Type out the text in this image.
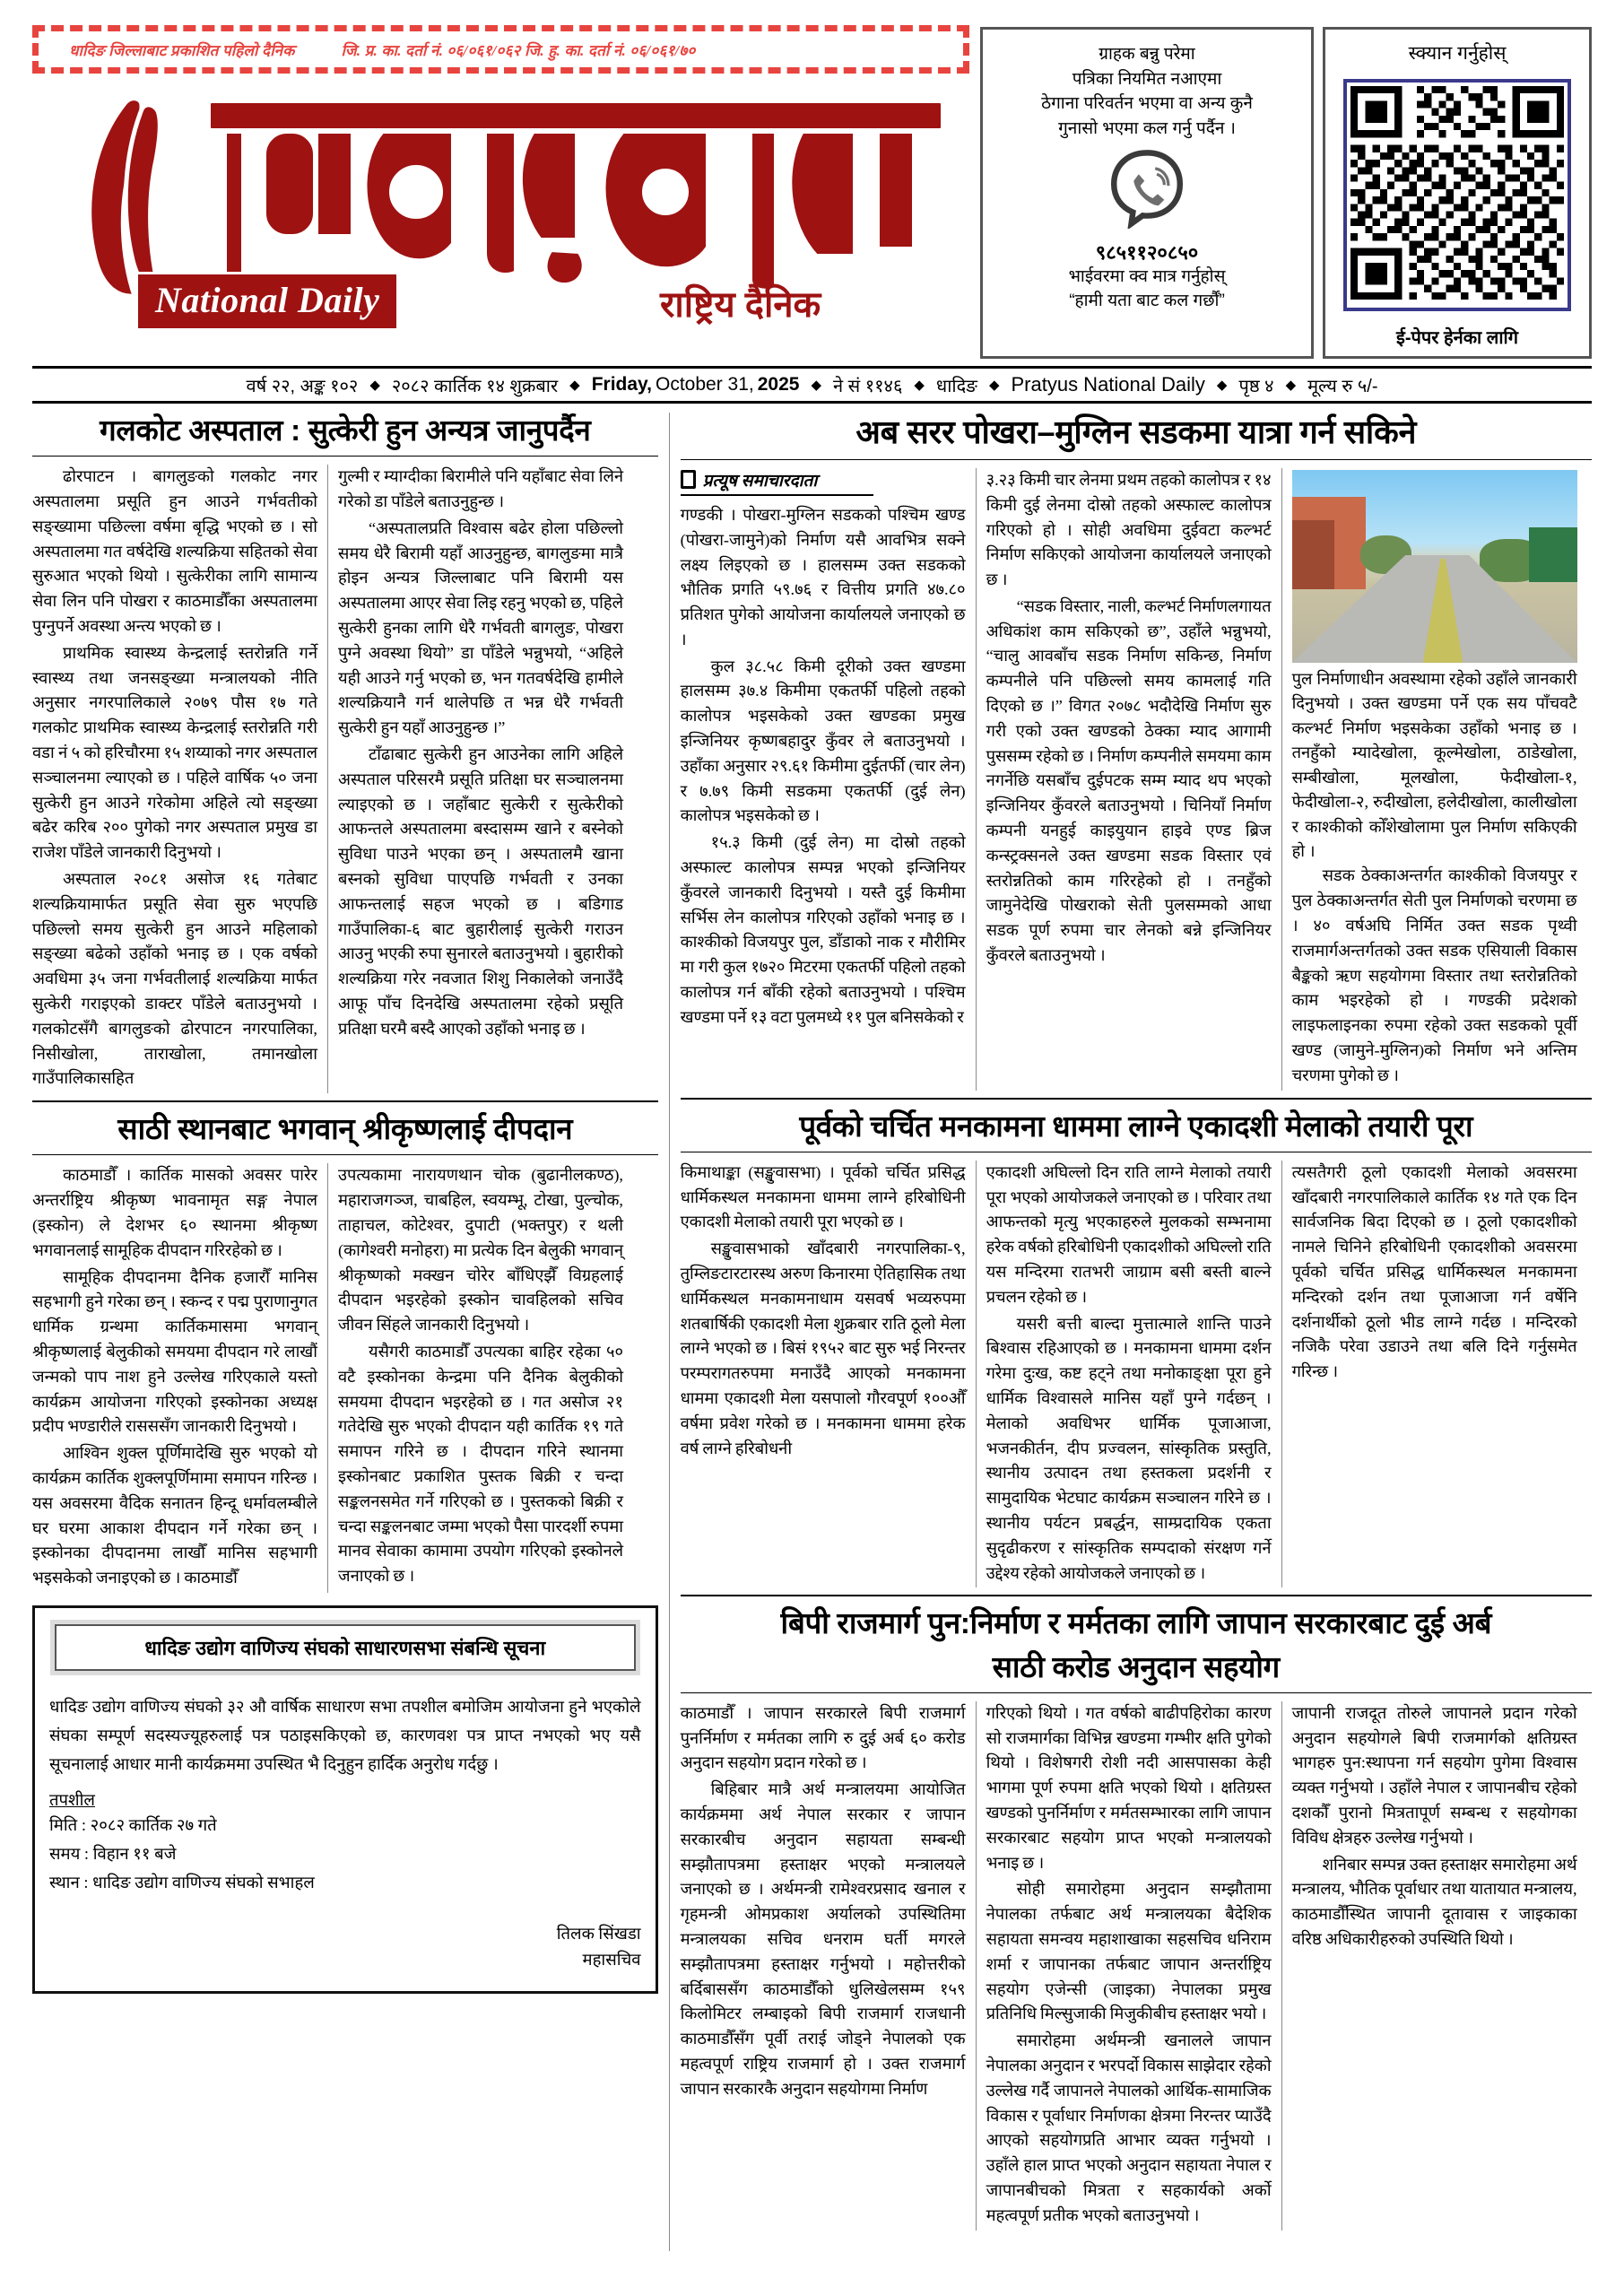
धादिङ जिल्लाबाट प्रकाशित पहिलो दैनिक	जि. प्र. का. दर्ता नं. ०६/०६१/०६२ जि. हु. का. दर्ता नं. ०६/०६१/७०
National Daily	राष्ट्रिय दैनिक
ग्राहक बन्नु परेमा
पत्रिका नियमित नआएमा
ठेगाना परिवर्तन भएमा वा अन्य कुनै
गुनासो भएमा कल गर्नु पर्दैन ।
९८५११२०८५०
भाईवरमा क्व मात्र गर्नुहोस्
“हामी यता बाट कल गर्छौं”
स्क्यान गर्नुहोस्
ई-पेपर हेर्नका लागि
वर्ष २२, अङ्क १०२ ◆ २०८२ कार्तिक १४ शुक्रबार ◆ Friday,
October 31,
2025 ◆ ने सं ११४६ ◆ धादिङ ◆ Pratyus National Daily ◆ पृष्ठ ४ ◆ मूल्य रु ५/-
गलकोट अस्पताल : सुत्केरी हुन अन्यत्र जानुपर्दैन

ढोरपाटन । बागलुङको गलकोट नगर अस्पतालमा प्रसूति हुन आउने गर्भवतीको सङ्ख्यामा पछिल्ला वर्षमा बृद्धि भएको छ । सो अस्पतालमा गत वर्षदेखि शल्यक्रिया सहितको सेवा सुरुआत भएको थियो । सुत्केरीका लागि सामान्य सेवा लिन पनि पोखरा र काठमाडौँका अस्पतालमा पुग्नुपर्ने अवस्था अन्त्य भएको छ ।

प्राथमिक स्वास्थ्य केन्द्रलाई स्तरोन्नति गर्ने स्वास्थ्य तथा जनसङ्ख्या मन्त्रालयको नीति अनुसार नगरपालिकाले २०७९ पौस १७ गते गलकोट प्राथमिक स्वास्थ्य केन्द्रलाई स्तरोन्नति गरी वडा नं ५ को हरिचौरमा १५ शय्याको नगर अस्पताल सञ्चालनमा ल्याएको छ । पहिले वार्षिक ५० जना सुत्केरी हुन आउने गरेकोमा अहिले त्यो सङ्ख्या बढेर करिब २०० पुगेको नगर अस्पताल प्रमुख डा राजेश पाँडेले जानकारी दिनुभयो ।

अस्पताल २०८१ असोज १६ गतेबाट शल्यक्रियामार्फत प्रसूति सेवा सुरु भएपछि पछिल्लो समय सुत्केरी हुन आउने महिलाको सङ्ख्या बढेको उहाँको भनाइ छ । एक वर्षको अवधिमा ३५ जना गर्भवतीलाई शल्यक्रिया मार्फत सुत्केरी गराइएको डाक्टर पाँडेले बताउनुभयो । गलकोटसँगै बागलुङको ढोरपाटन नगरपालिका, निसीखोला, ताराखोला, तमानखोला गाउँपालिकासहित

गुल्मी र म्याग्दीका बिरामीले पनि यहाँबाट सेवा लिने गरेको डा पाँडेले बताउनुहुन्छ ।

“अस्पतालप्रति विश्वास बढेर होला पछिल्लो समय धेरै बिरामी यहाँ आउनुहुन्छ, बागलुङमा मात्रै होइन अन्यत्र जिल्लाबाट पनि बिरामी यस अस्पतालमा आएर सेवा लिइ रहनु भएको छ, पहिले सुत्केरी हुनका लागि धेरै गर्भवती बागलुङ, पोखरा पुग्ने अवस्था थियो” डा पाँडेले भन्नुभयो, “अहिले यही आउने गर्नु भएको छ, भन गतवर्षदेखि हामीले शल्यक्रियानै गर्न थालेपछि त भन्न धेरै गर्भवती सुत्केरी हुन यहाँ आउनुहुन्छ ।”

टाँढाबाट सुत्केरी हुन आउनेका लागि अहिले अस्पताल परिसरमै प्रसूति प्रतिक्षा घर सञ्चालनमा ल्याइएको छ । जहाँबाट सुत्केरी र सुत्केरीको आफन्तले अस्पतालमा बस्दासम्म खाने र बस्नेको सुविधा पाउने भएका छन् । अस्पतालमै खाना बस्नको सुविधा पाएपछि गर्भवती र उनका आफन्तलाई सहज भएको छ । बडिगाड गाउँपालिका-६ बाट बुहारीलाई सुत्केरी गराउन आउनु भएकी रुपा सुनारले बताउनुभयो । बुहारीको शल्यक्रिया गरेर नवजात शिशु निकालेको जनाउँदै आफू पाँच दिनदेखि अस्पतालमा रहेको प्रसूति प्रतिक्षा घरमै बस्दै आएको उहाँको भनाइ छ ।

साठी स्थानबाट भगवान् श्रीकृष्णलाई दीपदान

काठमाडौँ । कार्तिक मासको अवसर पारेर अन्तर्राष्ट्रिय श्रीकृष्ण भावनामृत सङ्ग नेपाल (इस्कोन) ले देशभर ६० स्थानमा श्रीकृष्ण भगवानलाई सामूहिक दीपदान गरिरहेको छ ।

सामूहिक दीपदानमा दैनिक हजारौँ मानिस सहभागी हुने गरेका छन् । स्कन्द र पद्म पुराणानुगत धार्मिक ग्रन्थमा कार्तिकमासमा भगवान् श्रीकृष्णलाई बेलुकीको समयमा दीपदान गरे लाखौं जन्मको पाप नाश हुने उल्लेख गरिएकाले यस्तो कार्यक्रम आयोजना गरिएको इस्कोनका अध्यक्ष प्रदीप भण्डारीले रासससँग जानकारी दिनुभयो ।

आश्विन शुक्ल पूर्णिमादेखि सुरु भएको यो कार्यक्रम कार्तिक शुक्लपूर्णिमामा समापन गरिन्छ । यस अवसरमा वैदिक सनातन हिन्दू धर्मावलम्बीले घर घरमा आकाश दीपदान गर्ने गरेका छन् । इस्कोनका दीपदानमा लाखौँ मानिस सहभागी भइसकेको जनाइएको छ । काठमाडौँ

उपत्यकामा नारायणथान चोक (बुढानीलकण्ठ), महाराजगञ्ज, चाबहिल, स्वयम्भू, टोखा, पुल्चोक, ताहाचल, कोटेश्वर, दुपाटी (भक्तपुर) र थली (कागेश्वरी मनोहरा) मा प्रत्येक दिन बेलुकी भगवान् श्रीकृष्णको मक्खन चोरेर बाँधिएझैँ विग्रहलाई दीपदान भइरहेको इस्कोन चावहिलको सचिव जीवन सिंहले जानकारी दिनुभयो ।

यसैगरी काठमाडौँ उपत्यका बाहिर रहेका ५० वटै इस्कोनका केन्द्रमा पनि दैनिक बेलुकीको समयमा दीपदान भइरहेको छ । गत असोज २१ गतेदेखि सुरु भएको दीपदान यही कार्तिक १९ गते समापन गरिने छ । दीपदान गरिने स्थानमा इस्कोनबाट प्रकाशित पुस्तक बिक्री र चन्दा सङ्कलनसमेत गर्ने गरिएको छ । पुस्तकको बिक्री र चन्दा सङ्कलनबाट जम्मा भएको पैसा पारदर्शी रुपमा मानव सेवाका कामामा उपयोग गरिएको इस्कोनले जनाएको छ ।

धादिङ उद्योग वाणिज्य संघको साधारणसभा संबन्धि सूचना

धादिङ उद्योग वाणिज्य संघको ३२ औ वार्षिक साधारण सभा तपशील बमोजिम आयोजना हुने भएकोले संघका सम्पूर्ण सदस्यज्यूहरुलाई पत्र पठाइसकिएको छ, कारणवश पत्र प्राप्त नभएको भए यसै सूचनालाई आधार मानी कार्यक्रममा उपस्थित भै दिनुहुन हार्दिक अनुरोध गर्दछु ।

तपशील
मिति : २०८२ कार्तिक २७ गते
समय : विहान ११ बजे
स्थान : धादिङ उद्योग वाणिज्य संघको सभाहल
तिलक सिंखडा
महासचिव
अब सरर पोखरा–मुग्लिन सडकमा यात्रा गर्न सकिने
प्रत्यूष समाचारदाता

गण्डकी । पोखरा-मुग्लिन सडकको पश्चिम खण्ड (पोखरा-जामुने)को निर्माण यसै आवभित्र सक्ने लक्ष्य लिइएको छ । हालसम्म उक्त सडकको भौतिक प्रगति ५९.७६ र वित्तीय प्रगति ४७.८० प्रतिशत पुगेको आयोजना कार्यालयले जनाएको छ ।

कुल ३८.५८ किमी दूरीको उक्त खण्डमा हालसम्म ३७.४ किमीमा एकतर्फी पहिलो तहको कालोपत्र भइसकेको उक्त खण्डका प्रमुख इन्जिनियर कृष्णबहादुर कुँवर ले बताउनुभयो । उहाँका अनुसार २९.६१ किमीमा दुईतर्फी (चार लेन) र ७.७९ किमी सडकमा एकतर्फी (दुई लेन) कालोपत्र भइसकेको छ ।

१५.३ किमी (दुई लेन) मा दोस्रो तहको अस्फाल्ट कालोपत्र सम्पन्न भएको इन्जिनियर कुँवरले जानकारी दिनुभयो । यस्तै दुई किमीमा सर्भिस लेन कालोपत्र गरिएको उहाँको भनाइ छ । काश्कीको विजयपुर पुल, डाँडाको नाक र मौरीमिर मा गरी कुल १७२० मिटरमा एकतर्फी पहिलो तहको कालोपत्र गर्न बाँकी रहेको बताउनुभयो । पश्चिम खण्डमा पर्ने १३ वटा पुलमध्ये ११ पुल बनिसकेको र

३.२३ किमी चार लेनमा प्रथम तहको कालोपत्र र १४ किमी दुई लेनमा दोस्रो तहको अस्फाल्ट कालोपत्र गरिएको हो । सोही अवधिमा दुईवटा कल्भर्ट निर्माण सकिएको आयोजना कार्यालयले जनाएको छ ।

“सडक विस्तार, नाली, कल्भर्ट निर्माणलगायत अधिकांश काम सकिएको छ”, उहाँले भन्नुभयो, “चालु आवबाँच सडक निर्माण सकिन्छ, निर्माण कम्पनीले पनि पछिल्लो समय कामलाई गति दिएको छ ।” विगत २०७८ भदौदेखि निर्माण सुरु गरी एको उक्त खण्डको ठेक्का म्याद आगामी पुससम्म रहेको छ । निर्माण कम्पनीले समयमा काम नगर्नेछि यसबाँच दुईपटक सम्म म्याद थप भएको इन्जिनियर कुँवरले बताउनुभयो । चिनियाँ निर्माण कम्पनी यनहुई काइयुयान हाइवे एण्ड ब्रिज कन्स्ट्रक्सनले उक्त खण्डमा सडक विस्तार एवं स्तरोन्नतिको काम गरिरहेको हो । तनहुँको जामुनेदेखि पोखराको सेती पुलसम्मको आधा सडक पूर्ण रुपमा चार लेनको बन्ने इन्जिनियर कुँवरले बताउनुभयो ।

पुल निर्माणाधीन अवस्थामा रहेको उहाँले जानकारी दिनुभयो । उक्त खण्डमा पर्ने एक सय पाँचवटै कल्भर्ट निर्माण भइसकेका उहाँको भनाइ छ । तनहुँको म्यादेखोला, कूल्मेखोला, ठाडेखोला, सम्बीखोला, मूलखोला, फेदीखोला-१, फेदीखोला-२, रुदीखोला, हलेदीखोला, कालीखोला र काश्कीको कोँशेखोलामा पुल निर्माण सकिएकी हो ।

सडक ठेक्काअन्तर्गत काश्कीको विजयपुर र पुल ठेक्काअन्तर्गत सेती पुल निर्माणको चरणमा छ । ४० वर्षअघि निर्मित उक्त सडक पृथ्वी राजमार्गअन्तर्गतको उक्त सडक एसियाली विकास बैङ्कको ऋण सहयोगमा विस्तार तथा स्तरोन्नतिको काम भइरहेको हो । गण्डकी प्रदेशको लाइफलाइनका रुपमा रहेको उक्त सडकको पूर्वी खण्ड (जामुने-मुग्लिन)को निर्माण भने अन्तिम चरणमा पुगेको छ ।

पूर्वको चर्चित मनकामना धाममा लाग्ने एकादशी मेलाको तयारी पूरा

किमाथाङ्का (सङ्खुवासभा) । पूर्वको चर्चित प्रसिद्ध धार्मिकस्थल मनकामना धाममा लाग्ने हरिबोधिनी एकादशी मेलाको तयारी पूरा भएको छ ।

सङ्खुवासभाको खाँदबारी नगरपालिका-९, तुम्लिङटारटारस्थ अरुण किनारमा ऐतिहासिक तथा धार्मिकस्थल मनकामनाधाम यसवर्ष भव्यरुपमा शतबार्षिकी एकादशी मेला शुक्रबार राति ठूलो मेला लाग्ने भएको छ । बिसं १९५२ बाट सुरु भई निरन्तर परम्परागतरुपमा मनाउँदै आएको मनकामना धाममा एकादशी मेला यसपालो गौरवपूर्ण १००औँ वर्षमा प्रवेश गरेको छ । मनकामना धाममा हरेक वर्ष लाग्ने हरिबोधनी

एकादशी अघिल्लो दिन राति लाग्ने मेलाको तयारी पूरा भएको आयोजकले जनाएको छ । परिवार तथा आफन्तको मृत्यु भएकाहरुले मुलकको सम्भनामा हरेक वर्षको हरिबोधिनी एकादशीको अघिल्लो राति यस मन्दिरमा रातभरी जाग्राम बसी बस्ती बाल्ने प्रचलन रहेको छ ।

यसरी बत्ती बाल्दा मुत्तात्माले शान्ति पाउने बिश्वास रहिआएको छ । मनकामना धाममा दर्शन गरेमा दुःख, कष्ट हट्ने तथा मनोकाङ्क्षा पूरा हुने धार्मिक विश्वासले मानिस यहाँ पुग्ने गर्दछन् । मेलाको अवधिभर धार्मिक पूजाआजा, भजनकीर्तन, दीप प्रज्वलन, सांस्कृतिक प्रस्तुति, स्थानीय उत्पादन तथा हस्तकला प्रदर्शनी र सामुदायिक भेटघाट कार्यक्रम सञ्चालन गरिने छ । स्थानीय पर्यटन प्रबर्द्धन, साम्प्रदायिक एकता सुदृढीकरण र सांस्कृतिक सम्पदाको संरक्षण गर्ने उद्देश्य रहेको आयोजकले जनाएको छ ।

त्यसतैगरी ठूलो एकादशी मेलाको अवसरमा खाँदबारी नगरपालिकाले कार्तिक १४ गते एक दिन सार्वजनिक बिदा दिएको छ । ठूलो एकादशीकाे नामले चिनिने हरिबोधिनी एकादशीको अवसरमा पूर्वको चर्चित प्रसिद्ध धार्मिकस्थल मनकामना मन्दिरको दर्शन तथा पूजाआजा गर्न वर्षेनि दर्शनार्थीको ठूलो भीड लाग्ने गर्दछ । मन्दिरको नजिकै परेवा उडाउने तथा बलि दिने गर्नुसमेत गरिन्छ ।

बिपी राजमार्ग पुन:निर्माण र मर्मतका लागि जापान सरकारबाट दुई अर्ब
साठी करोड अनुदान सहयोग

काठमाडौँ । जापान सरकारले बिपी राजमार्ग पुनर्निर्माण र मर्मतका लागि रु दुई अर्ब ६० करोड अनुदान सहयोग प्रदान गरेको छ ।

बिहिबार मात्रै अर्थ मन्त्रालयमा आयोजित कार्यक्रममा अर्थ नेपाल सरकार र जापान सरकारबीच अनुदान सहायता सम्बन्धी सम्झौतापत्रमा हस्ताक्षर भएको मन्त्रालयले जनाएको छ । अर्थमन्त्री रामेश्वरप्रसाद खनाल र गृहमन्त्री ओमप्रकाश अर्यालको उपस्थितिमा मन्त्रालयका सचिव धनराम घर्ती मगरले सम्झौतापत्रमा हस्ताक्षर गर्नुभयो । महोत्तरीको बर्दिबाससँग काठमाडौँको धुलिखेलसम्म १५९ किलोमिटर लम्बाइको बिपी राजमार्ग राजधानी काठमाडौँसँग पूर्वी तराई जोड्ने नेपालको एक महत्वपूर्ण राष्ट्रिय राजमार्ग हो । उक्त राजमार्ग जापान सरकारकै अनुदान सहयोगमा निर्माण

गरिएको थियो । गत वर्षको बाढीपहिरोका कारण सो राजमार्गका विभिन्न खण्डमा गम्भीर क्षति पुगेको थियो । विशेषगरी रोशी नदी आसपासका केही भागमा पूर्ण रुपमा क्षति भएको थियो । क्षतिग्रस्त खण्डको पुनर्निर्माण र मर्मतसम्भारका लागि जापान सरकारबाट सहयोग प्राप्त भएको मन्त्रालयको भनाइ छ ।

सोही समारोहमा अनुदान सम्झौतामा नेपालका तर्फबाट अर्थ मन्त्रालयका बैदेशिक सहायता समन्वय महाशाखाका सहसचिव धनिराम शर्मा र जापानका तर्फबाट जापान अन्तर्राष्ट्रिय सहयोग एजेन्सी (जाइका) नेपालका प्रमुख प्रतिनिधि मिल्सुजाकी मिजुकीबीच हस्ताक्षर भयो ।

समारोहमा अर्थमन्त्री खनालले जापान नेपालका अनुदान र भरपर्दो विकास साझेदार रहेको उल्लेख गर्दै जापानले नेपालको आर्थिक-सामाजिक विकास र पूर्वाधार निर्माणका क्षेत्रमा निरन्तर प्याउँदै आएको सहयोगप्रति आभार व्यक्त गर्नुभयो । उहाँले हाल प्राप्त भएको अनुदान सहायता नेपाल र जापानबीचको मित्रता र सहकार्यको अर्को महत्वपूर्ण प्रतीक भएको बताउनुभयो ।

जापानी राजदूत तोरुले जापानले प्रदान गरेको अनुदान सहयोगले बिपी राजमार्गको क्षतिग्रस्त भागहरु पुन:स्थापना गर्न सहयोग पुगेमा विश्वास व्यक्त गर्नुभयो । उहाँले नेपाल र जापानबीच रहेको दशकौँ पुरानो मित्रतापूर्ण सम्बन्ध र सहयोगका विविध क्षेत्रहरु उल्लेख गर्नुभयो ।

शनिबार सम्पन्न उक्त हस्ताक्षर समारोहमा अर्थ मन्त्रालय, भौतिक पूर्वाधार तथा यातायात मन्त्रालय, काठमाडौँस्थित जापानी दूतावास र जाइकाका वरिष्ठ अधिकारीहरुको उपस्थिति थियो ।
